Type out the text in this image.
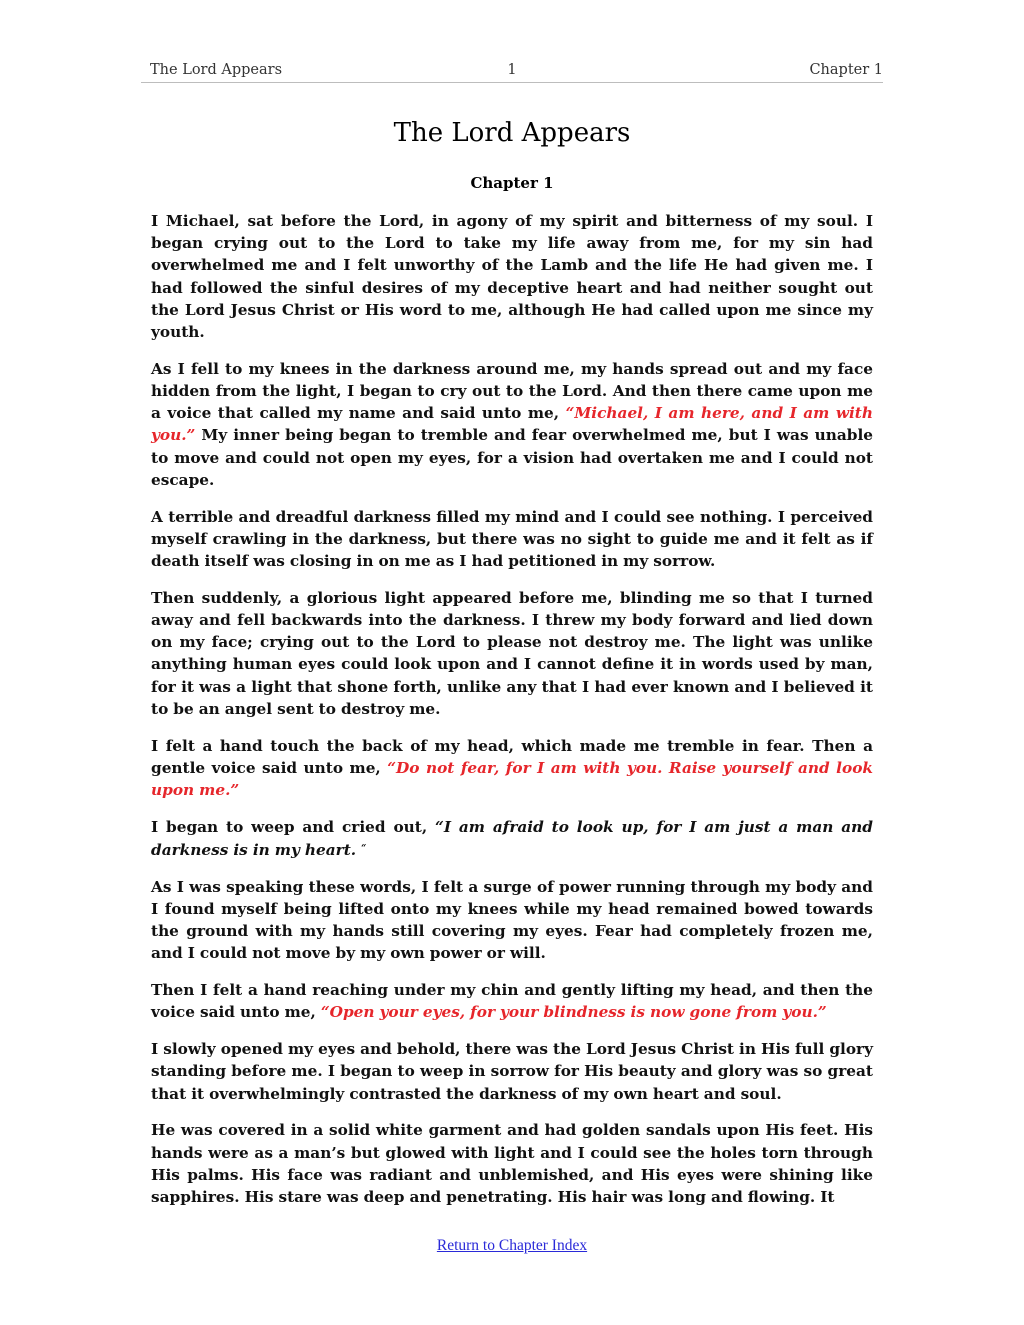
The Lord Appears	1	Chapter 1
The Lord Appears
Chapter 1

I Michael, sat before the Lord, in agony of my spirit and bitterness of my soul. I began crying out to the Lord to take my life away from me, for my sin had overwhelmed me and I felt unworthy of the Lamb and the life He had given me. I had followed the sinful desires of my deceptive heart and had neither sought out the Lord Jesus Christ or His word to me, although He had called upon me since my youth.

As I fell to my knees in the darkness around me, my hands spread out and my face hidden from the light, I began to cry out to the Lord. And then there came upon me a voice that called my name and said unto me, “Michael, I am here, and I am with you.” My inner being began to tremble and fear overwhelmed me, but I was unable to move and could not open my eyes, for a vision had overtaken me and I could not escape.

A terrible and dreadful darkness filled my mind and I could see nothing. I perceived myself crawling in the darkness, but there was no sight to guide me and it felt as if death itself was closing in on me as I had petitioned in my sorrow.

Then suddenly, a glorious light appeared before me, blinding me so that I turned away and fell backwards into the darkness. I threw my body forward and lied down on my face; crying out to the Lord to please not destroy me. The light was unlike anything human eyes could look upon and I cannot define it in words used by man, for it was a light that shone forth, unlike any that I had ever known and I believed it to be an angel sent to destroy me.

I felt a hand touch the back of my head, which made me tremble in fear. Then a gentle voice said unto me, “Do not fear, for I am with you. Raise yourself and look upon me.”

I began to weep and cried out, “I am afraid to look up, for I am just a man and darkness is in my heart. “

As I was speaking these words, I felt a surge of power running through my body and I found myself being lifted onto my knees while my head remained bowed towards the ground with my hands still covering my eyes. Fear had completely frozen me, and I could not move by my own power or will.

Then I felt a hand reaching under my chin and gently lifting my head, and then the voice said unto me, “Open your eyes, for your blindness is now gone from you.”

I slowly opened my eyes and behold, there was the Lord Jesus Christ in His full glory standing before me. I began to weep in sorrow for His beauty and glory was so great that it overwhelmingly contrasted the darkness of my own heart and soul.

He was covered in a solid white garment and had golden sandals upon His feet. His hands were as a man’s but glowed with light and I could see the holes torn through His palms. His face was radiant and unblemished, and His eyes were shining like sapphires. His stare was deep and penetrating. His hair was long and flowing. It

Return to Chapter Index
